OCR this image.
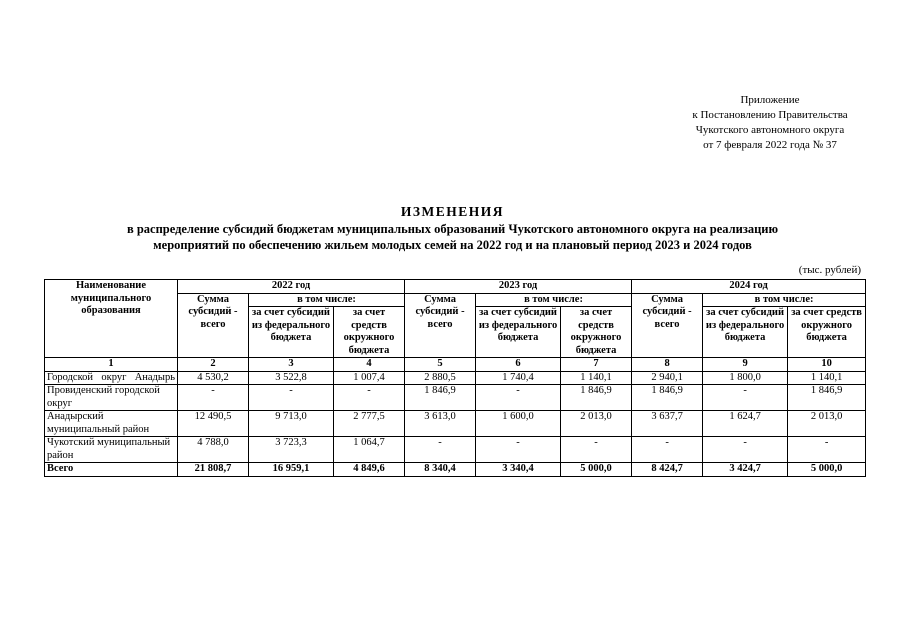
Приложение
к Постановлению Правительства
Чукотского автономного округа
от 7 февраля 2022 года № 37
ИЗМЕНЕНИЯ
в распределение субсидий бюджетам муниципальных образований Чукотского автономного округа на реализацию
мероприятий по обеспечению жильем молодых семей на 2022 год и на плановый период 2023 и 2024 годов
(тыс. рублей)
Наименование муниципального образования	2022 год			2023 год			2024 год		
	Сумма субсидий - всего	в том числе:		Сумма субсидий - всего	в том числе:		Сумма субсидий - всего	в том числе:	
		за счет субсидий из федерального бюджета	за счет средств окружного бюджета		за счет субсидий из федерального бюджета	за счет средств окружного бюджета		за счет субсидий из федерального бюджета	за счет средств окружного бюджета
1	2	3	4	5	6	7	8	9	10
Городской округ Анадырь	4 530,2	3 522,8	1 007,4	2 880,5	1 740,4	1 140,1	2 940,1	1 800,0	1 140,1
Провиденский городской округ	-	-	-	1 846,9	-	1 846,9	1 846,9	-	1 846,9
Анадырский муниципальный район	12 490,5	9 713,0	2 777,5	3 613,0	1 600,0	2 013,0	3 637,7	1 624,7	2 013,0
Чукотский муниципальный район	4 788,0	3 723,3	1 064,7	-	-	-	-	-	-
Всего	21 808,7	16 959,1	4 849,6	8 340,4	3 340,4	5 000,0	8 424,7	3 424,7	5 000,0
